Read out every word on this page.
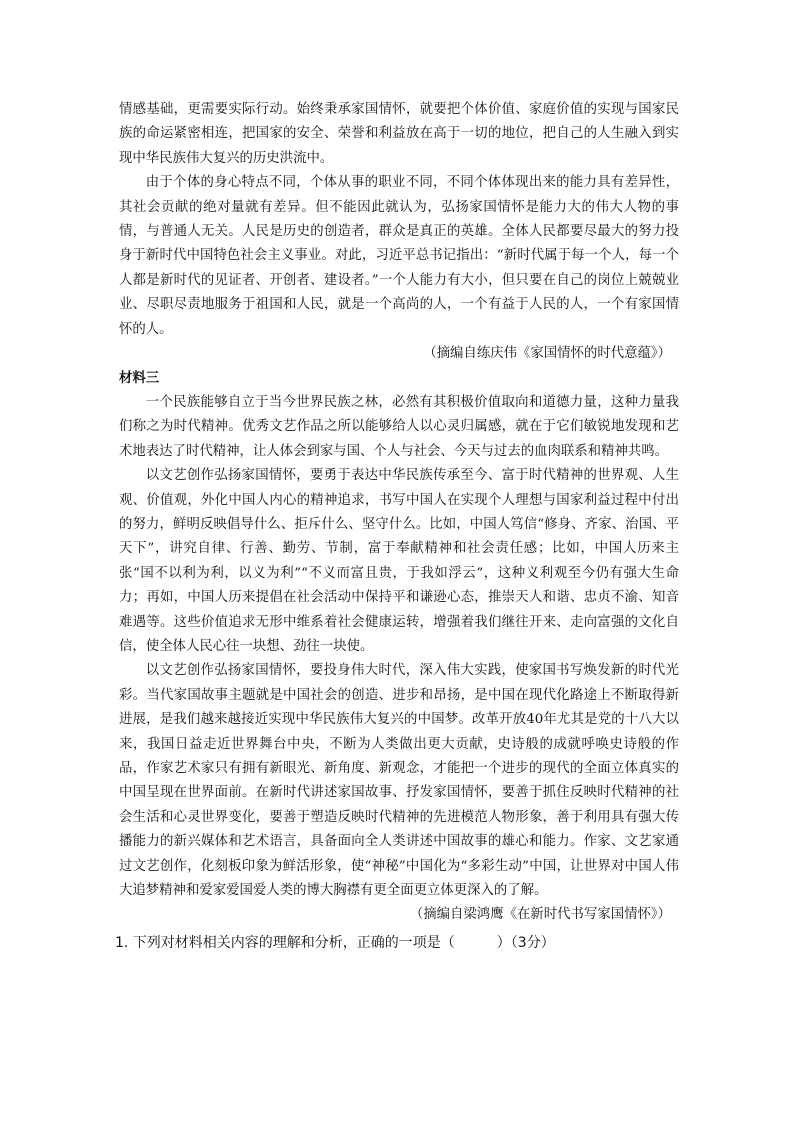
情感基础，更需要实际行动。始终秉承家国情怀，就要把个体价值、家庭价值的实现与国家民族的命运紧密相连，把国家的安全、荣誉和利益放在高于一切的地位，把自己的人生融入到实现中华民族伟大复兴的历史洪流中。

由于个体的身心特点不同，个体从事的职业不同，不同个体体现出来的能力具有差异性，其社会贡献的绝对量就有差异。但不能因此就认为，弘扬家国情怀是能力大的伟大人物的事情，与普通人无关。人民是历史的创造者，群众是真正的英雄。全体人民都要尽最大的努力投身于新时代中国特色社会主义事业。对此，习近平总书记指出：“新时代属于每一个人，每一个人都是新时代的见证者、开创者、建设者。”一个人能力有大小，但只要在自己的岗位上兢兢业业、尽职尽责地服务于祖国和人民，就是一个高尚的人，一个有益于人民的人，一个有家国情怀的人。

（摘编自练庆伟《家国情怀的时代意蕴》）

材料三

一个民族能够自立于当今世界民族之林，必然有其积极价值取向和道德力量，这种力量我们称之为时代精神。优秀文艺作品之所以能够给人以心灵归属感，就在于它们敏锐地发现和艺术地表达了时代精神，让人体会到家与国、个人与社会、今天与过去的血肉联系和精神共鸣。

以文艺创作弘扬家国情怀，要勇于表达中华民族传承至今、富于时代精神的世界观、人生观、价值观，外化中国人内心的精神追求，书写中国人在实现个人理想与国家利益过程中付出的努力，鲜明反映倡导什么、拒斥什么、坚守什么。比如，中国人笃信“修身、齐家、治国、平天下”，讲究自律、行善、勤劳、节制，富于奉献精神和社会责任感；比如，中国人历来主张“国不以利为利，以义为利”“不义而富且贵，于我如浮云”，这种义利观至今仍有强大生命力；再如，中国人历来提倡在社会活动中保持平和谦逊心态，推崇天人和谐、忠贞不渝、知音难遇等。这些价值追求无形中维系着社会健康运转，增强着我们继往开来、走向富强的文化自信，使全体人民心往一块想、劲往一块使。

以文艺创作弘扬家国情怀，要投身伟大时代，深入伟大实践，使家国书写焕发新的时代光彩。当代家国故事主题就是中国社会的创造、进步和昂扬，是中国在现代化路途上不断取得新进展，是我们越来越接近实现中华民族伟大复兴的中国梦。改革开放40年尤其是党的十八大以来，我国日益走近世界舞台中央，不断为人类做出更大贡献，史诗般的成就呼唤史诗般的作品，作家艺术家只有拥有新眼光、新角度、新观念，才能把一个进步的现代的全面立体真实的中国呈现在世界面前。在新时代讲述家国故事、抒发家国情怀，要善于抓住反映时代精神的社会生活和心灵世界变化，要善于塑造反映时代精神的先进模范人物形象，善于利用具有强大传播能力的新兴媒体和艺术语言，具备面向全人类讲述中国故事的雄心和能力。作家、文艺家通过文艺创作，化刻板印象为鲜活形象，使“神秘”中国化为“多彩生动”中国，让世界对中国人伟大追梦精神和爱家爱国爱人类的博大胸襟有更全面更立体更深入的了解。

（摘编自梁鸿鹰《在新时代书写家国情怀》）

1. 下列对材料相关内容的理解和分析，正确的一项是（　　　）（3分）
